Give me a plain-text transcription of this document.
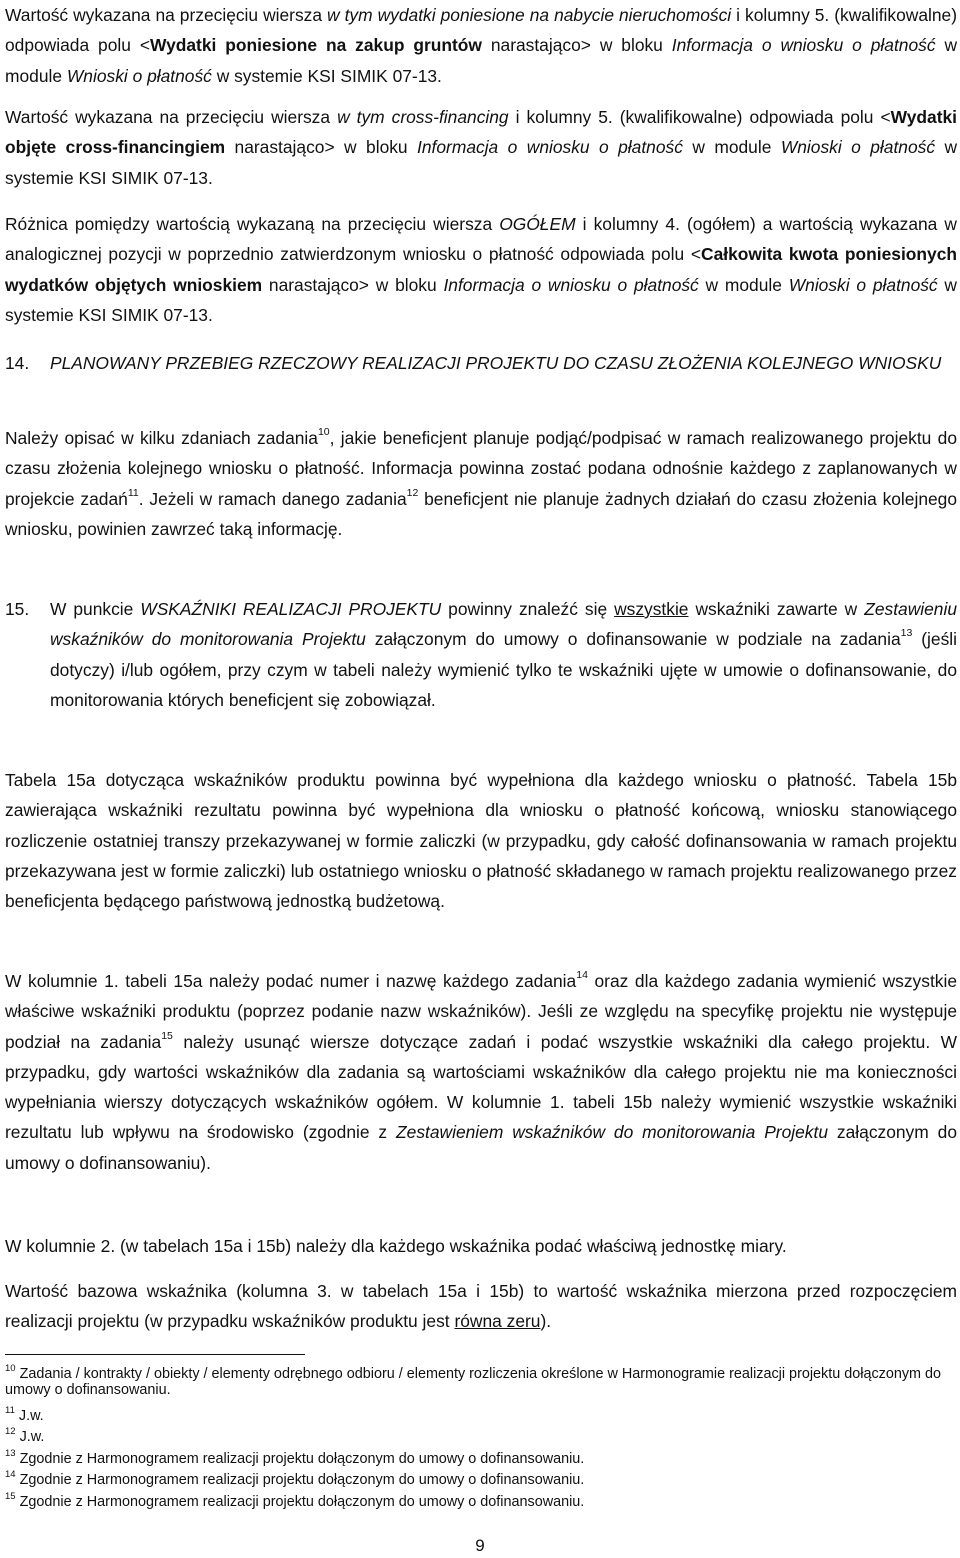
Wartość wykazana na przecięciu wiersza w tym wydatki poniesione na nabycie nieruchomości i kolumny 5. (kwalifikowalne) odpowiada polu <Wydatki poniesione na zakup gruntów narastająco> w bloku Informacja o wniosku o płatność w module Wnioski o płatność w systemie KSI SIMIK 07-13.

Wartość wykazana na przecięciu wiersza w tym cross-financing i kolumny 5. (kwalifikowalne) odpowiada polu <Wydatki objęte cross-financingiem narastająco> w bloku Informacja o wniosku o płatność w module Wnioski o płatność w systemie KSI SIMIK 07-13.

Różnica pomiędzy wartością wykazaną na przecięciu wiersza OGÓŁEM i kolumny 4. (ogółem) a wartością wykazana w analogicznej pozycji w poprzednio zatwierdzonym wniosku o płatność odpowiada polu <Całkowita kwota poniesionych wydatków objętych wnioskiem narastająco> w bloku Informacja o wniosku o płatność w module Wnioski o płatność w systemie KSI SIMIK 07-13.

14. PLANOWANY PRZEBIEG RZECZOWY REALIZACJI PROJEKTU DO CZASU ZŁOŻENIA KOLEJNEGO WNIOSKU

Należy opisać w kilku zdaniach zadania$^{10}$, jakie beneficjent planuje podjąć/podpisać w ramach realizowanego projektu do czasu złożenia kolejnego wniosku o płatność. Informacja powinna zostać podana odnośnie każdego z zaplanowanych w projekcie zadań$^{11}$. Jeżeli w ramach danego zadania$^{12}$ beneficjent nie planuje żadnych działań do czasu złożenia kolejnego wniosku, powinien zawrzeć taką informację.

15. W punkcie WSKAŹNIKI REALIZACJI PROJEKTU powinny znaleźć się wszystkie wskaźniki zawarte w Zestawieniu wskaźników do monitorowania Projektu załączonym do umowy o dofinansowanie w podziale na zadania$^{13}$ (jeśli dotyczy) i/lub ogółem, przy czym w tabeli należy wymienić tylko te wskaźniki ujęte w umowie o dofinansowanie, do monitorowania których beneficjent się zobowiązał.

Tabela 15a dotycząca wskaźników produktu powinna być wypełniona dla każdego wniosku o płatność. Tabela 15b zawierająca wskaźniki rezultatu powinna być wypełniona dla wniosku o płatność końcową, wniosku stanowiącego rozliczenie ostatniej transzy przekazywanej w formie zaliczki (w przypadku, gdy całość dofinansowania w ramach projektu przekazywana jest w formie zaliczki) lub ostatniego wniosku o płatność składanego w ramach projektu realizowanego przez beneficjenta będącego państwową jednostką budżetową.

W kolumnie 1. tabeli 15a należy podać numer i nazwę każdego zadania$^{14}$ oraz dla każdego zadania wymienić wszystkie właściwe wskaźniki produktu (poprzez podanie nazw wskaźników). Jeśli ze względu na specyfikę projektu nie występuje podział na zadania$^{15}$ należy usunąć wiersze dotyczące zadań i podać wszystkie wskaźniki dla całego projektu. W przypadku, gdy wartości wskaźników dla zadania są wartościami wskaźników dla całego projektu nie ma konieczności wypełniania wierszy dotyczących wskaźników ogółem. W kolumnie 1. tabeli 15b należy wymienić wszystkie wskaźniki rezultatu lub wpływu na środowisko (zgodnie z Zestawieniem wskaźników do monitorowania Projektu załączonym do umowy o dofinansowaniu).

W kolumnie 2. (w tabelach 15a i 15b) należy dla każdego wskaźnika podać właściwą jednostkę miary.

Wartość bazowa wskaźnika (kolumna 3. w tabelach 15a i 15b) to wartość wskaźnika mierzona przed rozpoczęciem realizacji projektu (w przypadku wskaźników produktu jest równa zeru).

$^{10}$ Zadania / kontrakty / obiekty / elementy odrębnego odbioru / elementy rozliczenia określone w Harmonogramie realizacji projektu dołączonym do umowy o dofinansowaniu.

$^{11}$ J.w.

$^{12}$ J.w.

$^{13}$ Zgodnie z Harmonogramem realizacji projektu dołączonym do umowy o dofinansowaniu.

$^{14}$ Zgodnie z Harmonogramem realizacji projektu dołączonym do umowy o dofinansowaniu.

$^{15}$ Zgodnie z Harmonogramem realizacji projektu dołączonym do umowy o dofinansowaniu.

9
